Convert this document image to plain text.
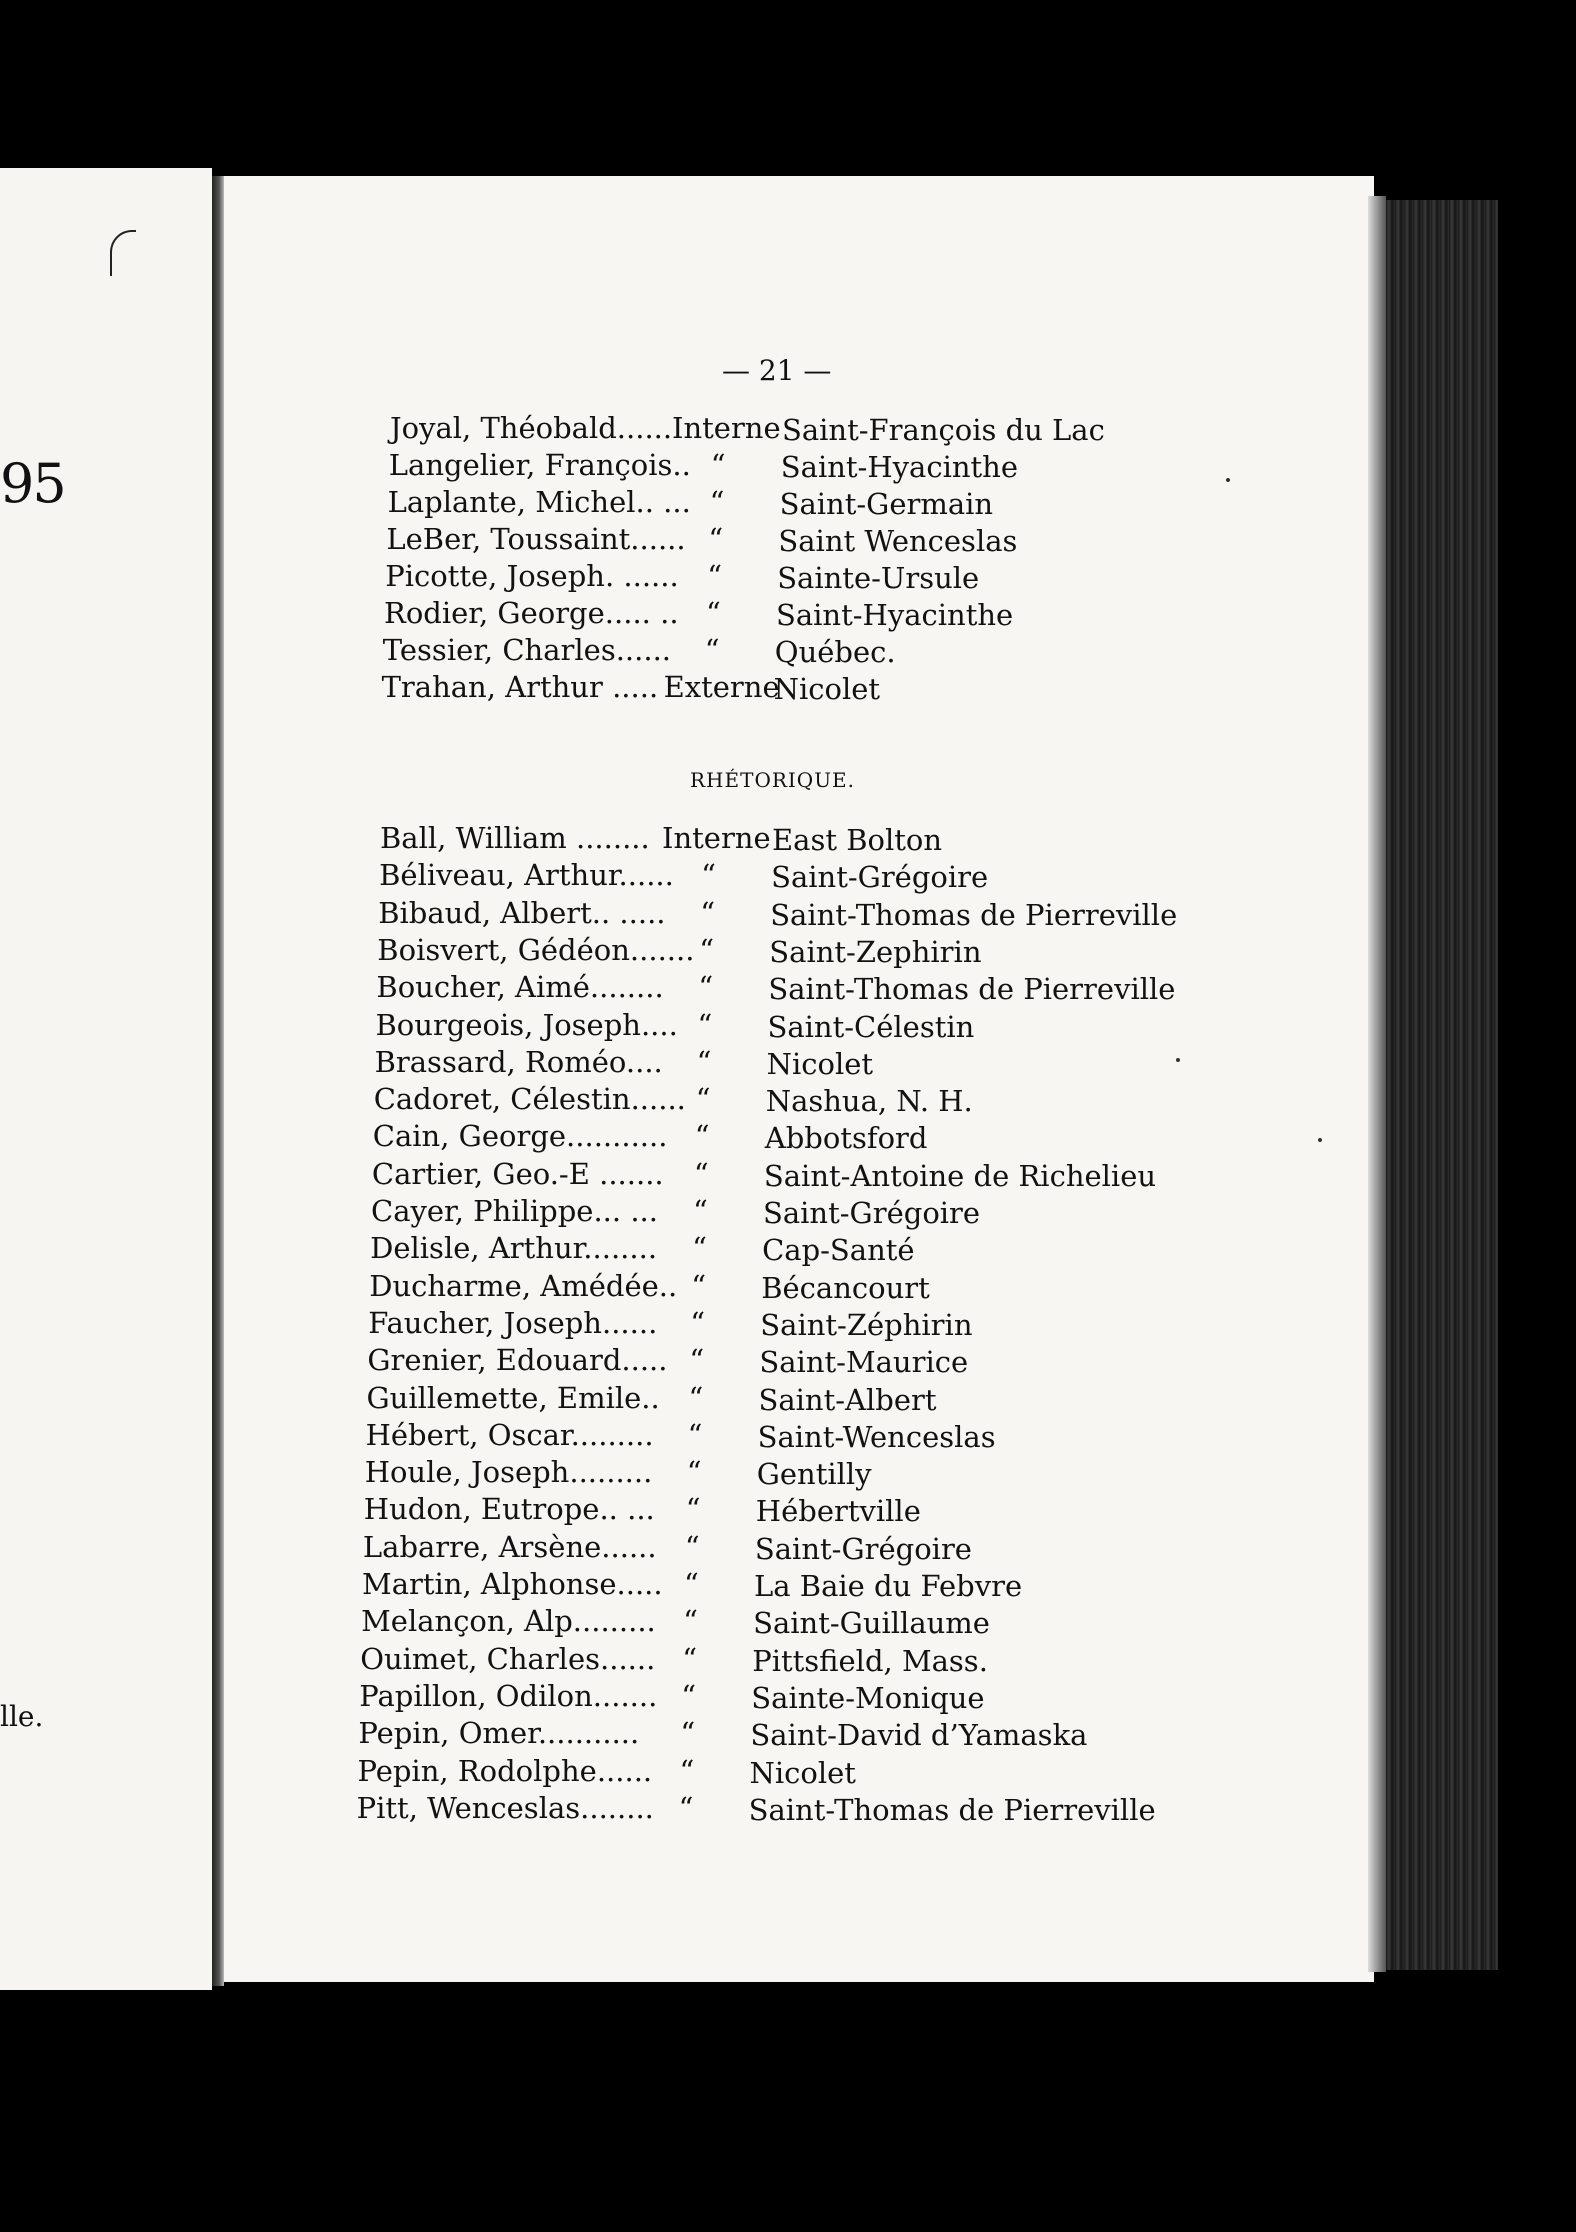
95
lle.
— 21 —
RHÉTORIQUE.
Joyal, Théobald...... Interne Saint-François du Lac
Langelier, François.. “ Saint-Hyacinthe
Laplante, Michel.. ... “ Saint-Germain
LeBer, Toussaint...... “ Saint Wenceslas
Picotte, Joseph. ...... “ Sainte-Ursule
Rodier, George..... .. “ Saint-Hyacinthe
Tessier, Charles...... “ Québec.
Trahan, Arthur ..... Externe
Nicolet
Ball, William ........ Interne East Bolton
Béliveau, Arthur...... “ Saint-Grégoire
Bibaud, Albert.. ..... “ Saint-Thomas de Pierreville
Boisvert, Gédéon....... “ Saint-Zephirin
Boucher, Aimé........ “ Saint-Thomas de Pierreville
Bourgeois, Joseph.... “ Saint-Célestin
Brassard, Roméo.... “ Nicolet
Cadoret, Célestin...... “ Nashua, N. H.
Cain, George........... “ Abbotsford
Cartier, Geo.-E ....... “ Saint-Antoine de Richelieu
Cayer, Philippe... ... “ Saint-Grégoire
Delisle, Arthur........ “ Cap-Santé
Ducharme, Amédée.. “ Bécancourt
Faucher, Joseph...... “ Saint-Zéphirin
Grenier, Edouard..... “ Saint-Maurice
Guillemette, Emile.. “ Saint-Albert
Hébert, Oscar......... “ Saint-Wenceslas
Houle, Joseph......... “ Gentilly
Hudon, Eutrope.. ... “ Hébertville
Labarre, Arsène...... “ Saint-Grégoire
Martin, Alphonse..... “ La Baie du Febvre
Melançon, Alp......... “ Saint-Guillaume
Ouimet, Charles...... “ Pittsfield, Mass.
Papillon, Odilon....... “ Sainte-Monique
Pepin, Omer........... “ Saint-David d’Yamaska
Pepin, Rodolphe...... “ Nicolet
Pitt, Wenceslas........ “ Saint-Thomas de Pierreville
